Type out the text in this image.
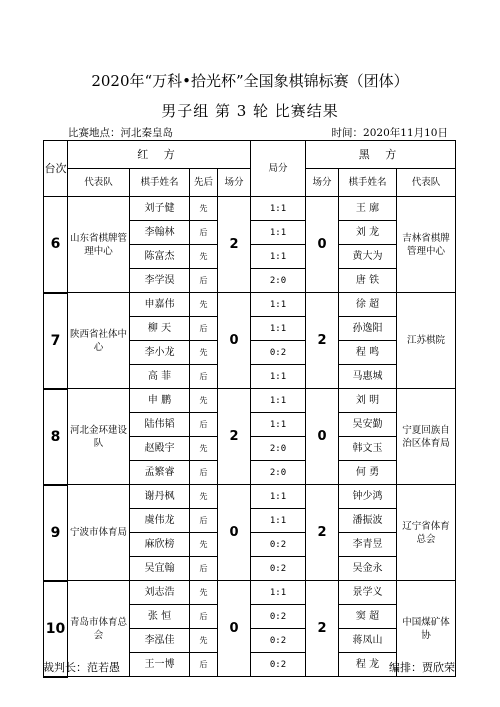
2020年“万科•拾光杯”全国象棋锦标赛（团体）
男子组 第 3 轮 比赛结果
比赛地点：河北秦皇岛	时间：2020年11月10日
台次	红 方				局分	黑 方		
	代表队	棋手姓名	先后	场分		场分	棋手姓名	代表队
6	山东省棋牌管理中心	刘子健	先	2	1:1	0	王 廓	吉林省棋牌管理中心
		李翰林	后		1:1		刘 龙	
		陈富杰	先		1:1		黄大为	
		李学淏	后		2:0		唐 铁	
7	陕西省社体中心	申嘉伟	先	0	1:1	2	徐 超	江苏棋院
		柳 天	后		1:1		孙逸阳	
		李小龙	先		0:2		程 鸣	
		高 菲	后		1:1		马惠城	
8	河北金环建设队	申 鹏	先	2	1:1	0	刘 明	宁夏回族自治区体育局
		陆伟韬	后		1:1		吴安勤	
		赵殿宇	先		2:0		韩文玉	
		孟繁睿	后		2:0		何 勇	
9	宁波市体育局	谢丹枫	先	0	1:1	2	钟少鸿	辽宁省体育总会
		虞伟龙	后		1:1		潘振波	
		麻欣榜	先		0:2		李青昱	
		吴宜翰	后		0:2		吴金永	
10	青岛市体育总会	刘志浩	先	0	1:1	2	景学义	中国煤矿体协
		张 恒	后		0:2		窦 超	
		李泓佳	先		0:2		蒋凤山	
		王一博	后		0:2		程 龙	
裁判长：范若愚	编排：贾欣荣
